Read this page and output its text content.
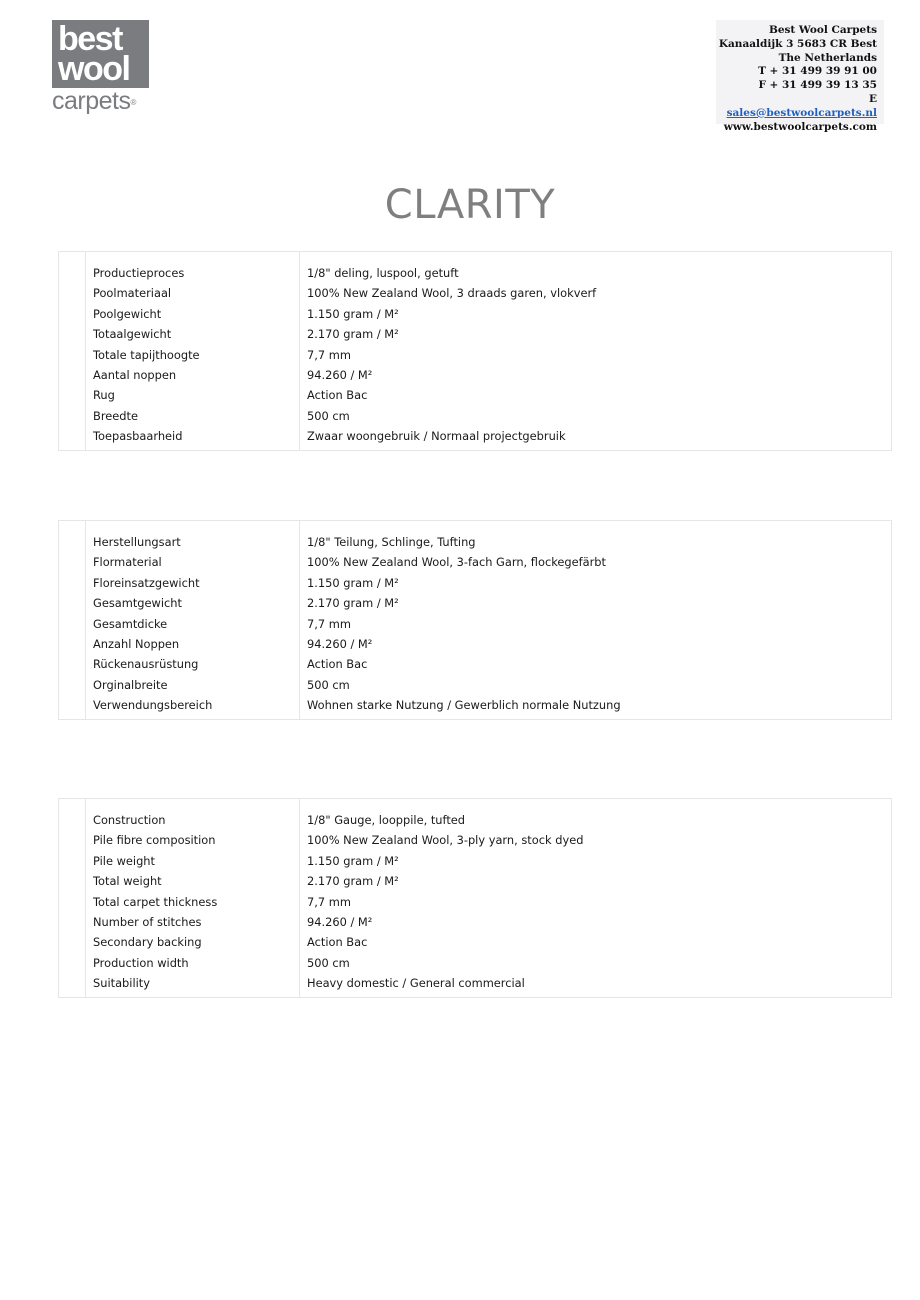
best
wool
carpets®
Best Wool Carpets
Kanaaldijk 3 5683 CR Best
The Netherlands
T + 31 499 39 91 00
F + 31 499 39 13 35
E sales@bestwoolcarpets.nl
www.bestwoolcarpets.com
CLARITY
Productieproces	1/8" deling, luspool, getuft
Poolmateriaal	100% New Zealand Wool, 3 draads garen, vlokverf
Poolgewicht	1.150 gram / M²
Totaalgewicht	2.170 gram / M²
Totale tapijthoogte	7,7 mm
Aantal noppen	94.260 / M²
Rug	Action Bac
Breedte	500 cm
Toepasbaarheid	Zwaar woongebruik / Normaal projectgebruik
Herstellungsart	1/8" Teilung, Schlinge, Tufting
Flormaterial	100% New Zealand Wool, 3-fach Garn, flockegefärbt
Floreinsatzgewicht	1.150 gram / M²
Gesamtgewicht	2.170 gram / M²
Gesamtdicke	7,7 mm
Anzahl Noppen	94.260 / M²
Rückenausrüstung	Action Bac
Orginalbreite	500 cm
Verwendungsbereich	Wohnen starke Nutzung / Gewerblich normale Nutzung
Construction	1/8" Gauge, looppile, tufted
Pile fibre composition	100% New Zealand Wool, 3-ply yarn, stock dyed
Pile weight	1.150 gram / M²
Total weight	2.170 gram / M²
Total carpet thickness	7,7 mm
Number of stitches	94.260 / M²
Secondary backing	Action Bac
Production width	500 cm
Suitability	Heavy domestic / General commercial
